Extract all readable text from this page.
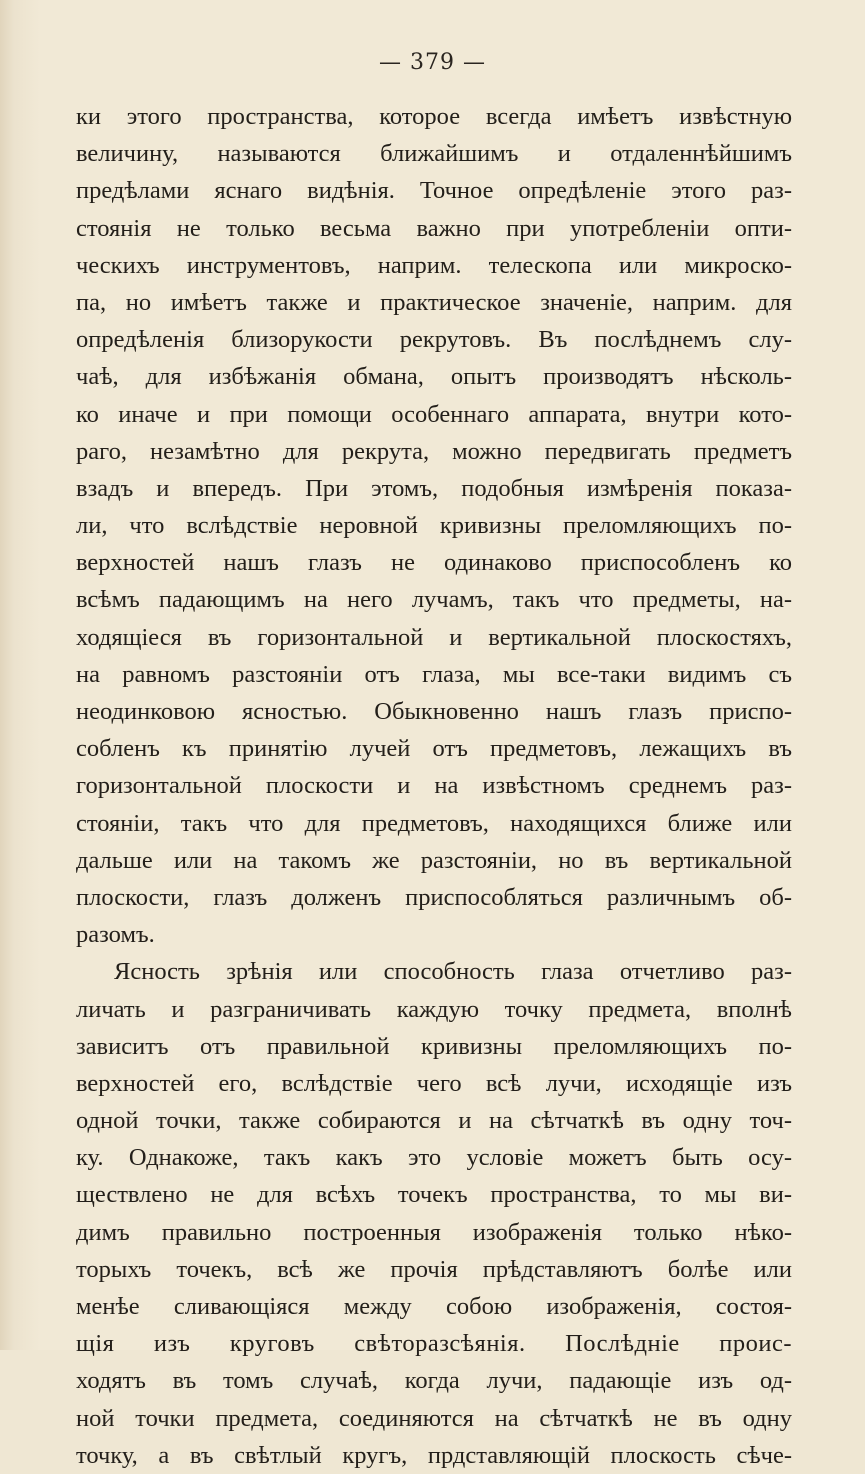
— 379 —
ки этого пространства, которое всегда имѣетъ извѣстную
величину, называются ближайшимъ и отдаленнѣйшимъ
предѣлами яснаго видѣнія. Точное опредѣленіе этого раз-
стоянія не только весьма важно при употребленіи опти-
ческихъ инструментовъ, наприм. телескопа или микроско-
па, но имѣетъ также и практическое значеніе, наприм. для
опредѣленія близорукости рекрутовъ. Въ послѣднемъ слу-
чаѣ, для избѣжанія обмана, опытъ производятъ нѣсколь-
ко иначе и при помощи особеннаго аппарата, внутри кото-
раго, незамѣтно для рекрута, можно передвигать предметъ
взадъ и впередъ. При этомъ, подобныя измѣренія показа-
ли, что вслѣдствіе неровной кривизны преломляющихъ по-
верхностей нашъ глазъ не одинаково приспособленъ ко
всѣмъ падающимъ на него лучамъ, такъ что предметы, на-
ходящіеся въ горизонтальной и вертикальной плоскостяхъ,
на равномъ разстояніи отъ глаза, мы все-таки видимъ съ
неодинковою ясностью. Обыкновенно нашъ глазъ приспо-
собленъ къ принятію лучей отъ предметовъ, лежащихъ въ
горизонтальной плоскости и на извѣстномъ среднемъ раз-
стояніи, такъ что для предметовъ, находящихся ближе или
дальше или на такомъ же разстояніи, но въ вертикальной
плоскости, глазъ долженъ приспособляться различнымъ об-
разомъ.
Ясность зрѣнія или способность глаза отчетливо раз-
личать и разграничивать каждую точку предмета, вполнѣ
зависитъ отъ правильной кривизны преломляющихъ по-
верхностей его, вслѣдствіе чего всѣ лучи, исходящіе изъ
одной точки, также собираются и на сѣтчаткѣ въ одну точ-
ку. Однакоже, такъ какъ это условіе можетъ быть осу-
ществлено не для всѣхъ точекъ пространства, то мы ви-
димъ правильно построенныя изображенія только нѣко-
торыхъ точекъ, всѣ же прочія прѣдставляютъ болѣе или
менѣе сливающіяся между собою изображенія, состоя-
щія изъ круговъ свѣторазсѣянія. Послѣдніе проис-
ходятъ въ томъ случаѣ, когда лучи, падающіе изъ од-
ной точки предмета, соединяются на сѣтчаткѣ не въ одну
точку, а въ свѣтлый кругъ, прдставляющій плоскость сѣче-
